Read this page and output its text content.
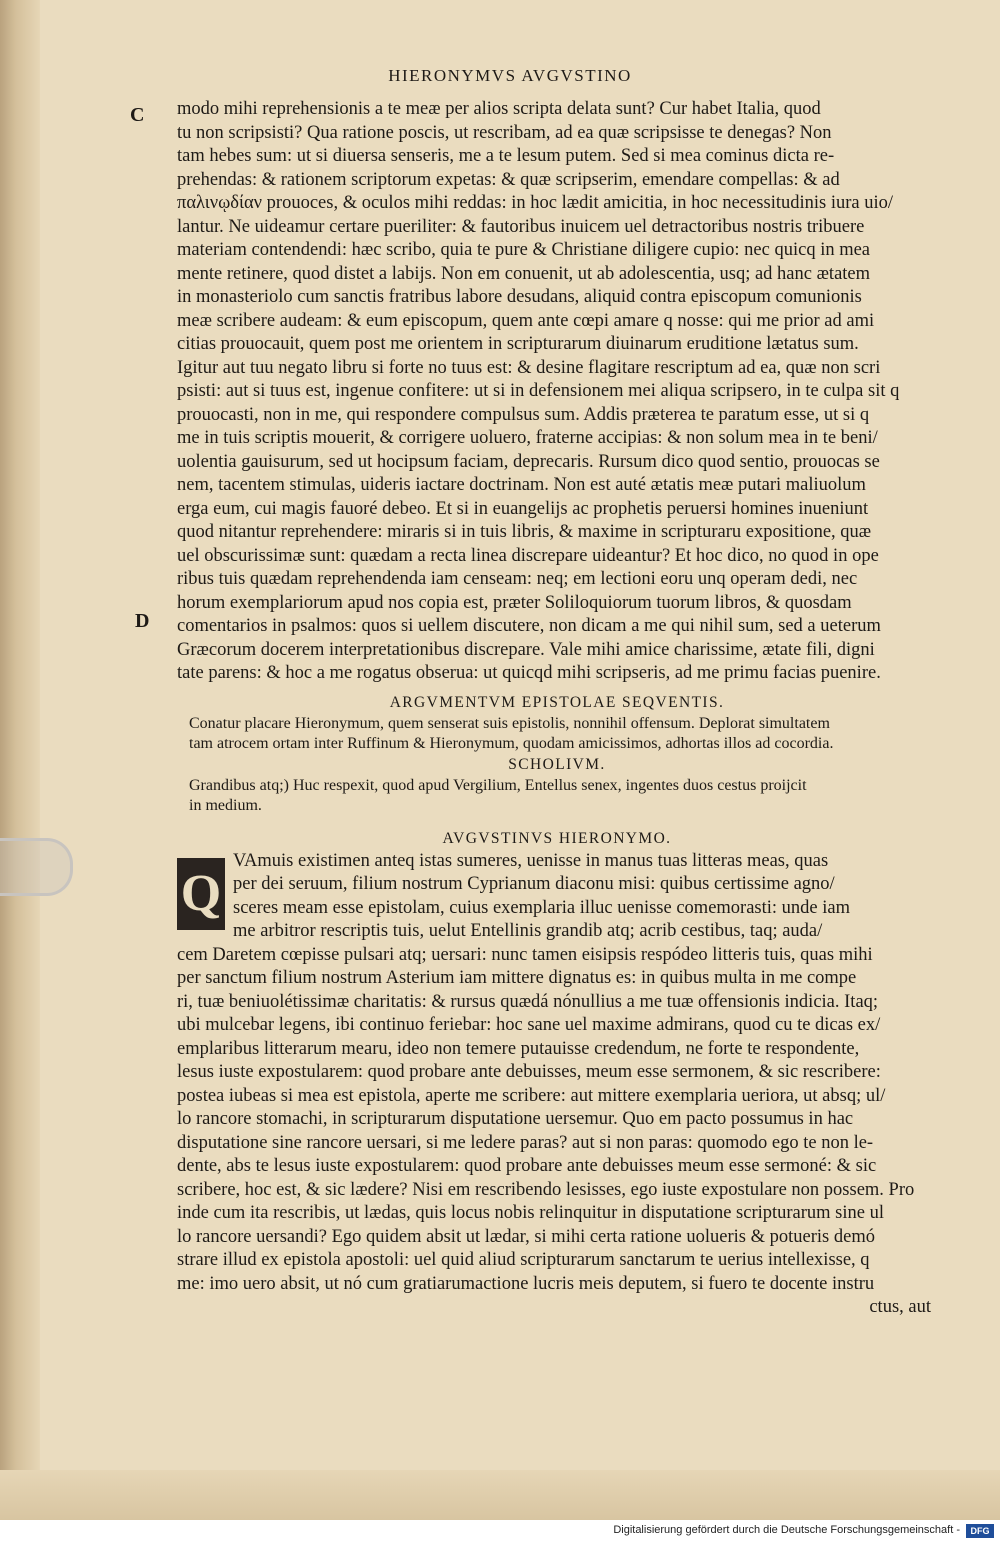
HIERONYMVS AVGVSTINO
C
D
modo mihi reprehensionis a te meæ per alios scripta delata sunt? Cur habet Italia, quod
tu non scripsisti? Qua ratione poscis, ut rescribam, ad ea quæ scripsisse te denegas? Non
tam hebes sum: ut si diuersa senseris, me a te lesum putem. Sed si mea cominus dicta re-
prehendas: & rationem scriptorum expetas: & quæ scripserim, emendare compellas: & ad
παλινῳδίαν prouoces, & oculos mihi reddas: in hoc lædit amicitia, in hoc necessitudinis iura uio/
lantur. Ne uideamur certare pueriliter: & fautoribus inuicem uel detractoribus nostris tribuere
materiam contendendi: hæc scribo, quia te pure & Christiane diligere cupio: nec quicq in mea
mente retinere, quod distet a labijs. Non em conuenit, ut ab adolescentia, usq; ad hanc ætatem
in monasteriolo cum sanctis fratribus labore desudans, aliquid contra episcopum comunionis
meæ scribere audeam: & eum episcopum, quem ante cœpi amare q nosse: qui me prior ad ami
citias prouocauit, quem post me orientem in scripturarum diuinarum eruditione lætatus sum.
Igitur aut tuu negato libru si forte no tuus est: & desine flagitare rescriptum ad ea, quæ non scri
psisti: aut si tuus est, ingenue confitere: ut si in defensionem mei aliqua scripsero, in te culpa sit q
prouocasti, non in me, qui respondere compulsus sum. Addis præterea te paratum esse, ut si q
me in tuis scriptis mouerit, & corrigere uoluero, fraterne accipias: & non solum mea in te beni/
uolentia gauisurum, sed ut hocipsum faciam, deprecaris. Rursum dico quod sentio, prouocas se
nem, tacentem stimulas, uideris iactare doctrinam. Non est auté ætatis meæ putari maliuolum
erga eum, cui magis fauoré debeo. Et si in euangelijs ac prophetis peruersi homines inueniunt
quod nitantur reprehendere: miraris si in tuis libris, & maxime in scripturaru expositione, quæ
uel obscurissimæ sunt: quædam a recta linea discrepare uideantur? Et hoc dico, no quod in ope
ribus tuis quædam reprehendenda iam censeam: neq; em lectioni eoru unq operam dedi, nec
horum exemplariorum apud nos copia est, præter Soliloquiorum tuorum libros, & quosdam
comentarios in psalmos: quos si uellem discutere, non dicam a me qui nihil sum, sed a ueterum
Græcorum docerem interpretationibus discrepare. Vale mihi amice charissime, ætate fili, digni
tate parens: & hoc a me rogatus obserua: ut quicqd mihi scripseris, ad me primu facias puenire.
ARGVMENTVM EPISTOLAE SEQVENTIS.
Conatur placare Hieronymum, quem senserat suis epistolis, nonnihil offensum. Deplorat simultatem
tam atrocem ortam inter Ruffinum & Hieronymum, quodam amicissimos, adhortas illos ad cocordia.
SCHOLIVM.
Grandibus atq;) Huc respexit, quod apud Vergilium, Entellus senex, ingentes duos cestus proijcit
in medium.
AVGVSTINVS HIERONYMO.
VAmuis existimen anteq istas sumeres, uenisse in manus tuas litteras meas, quas
per dei seruum, filium nostrum Cyprianum diaconu misi: quibus certissime agno/
sceres meam esse epistolam, cuius exemplaria illuc uenisse comemorasti: unde iam
me arbitror rescriptis tuis, uelut Entellinis grandib atq; acrib cestibus, taq; auda/
cem Daretem cœpisse pulsari atq; uersari: nunc tamen eisipsis respódeo litteris tuis, quas mihi
per sanctum filium nostrum Asterium iam mittere dignatus es: in quibus multa in me compe
ri, tuæ beniuolétissimæ charitatis: & rursus quædá nónullius a me tuæ offensionis indicia. Itaq;
ubi mulcebar legens, ibi continuo feriebar: hoc sane uel maxime admirans, quod cu te dicas ex/
emplaribus litterarum mearu, ideo non temere putauisse credendum, ne forte te respondente,
lesus iuste expostularem: quod probare ante debuisses, meum esse sermonem, & sic rescribere:
postea iubeas si mea est epistola, aperte me scribere: aut mittere exemplaria ueriora, ut absq; ul/
lo rancore stomachi, in scripturarum disputatione uersemur. Quo em pacto possumus in hac
disputatione sine rancore uersari, si me ledere paras? aut si non paras: quomodo ego te non le-
dente, abs te lesus iuste expostularem: quod probare ante debuisses meum esse sermoné: & sic
scribere, hoc est, & sic lædere? Nisi em rescribendo lesisses, ego iuste expostulare non possem. Pro
inde cum ita rescribis, ut lædas, quis locus nobis relinquitur in disputatione scripturarum sine ul
lo rancore uersandi? Ego quidem absit ut lædar, si mihi certa ratione uolueris & potueris demó
strare illud ex epistola apostoli: uel quid aliud scripturarum sanctarum te uerius intellexisse, q
me: imo uero absit, ut nó cum gratiarumactione lucris meis deputem, si fuero te docente instru
ctus, aut
Q
Digitalisierung gefördert durch die Deutsche Forschungsgemeinschaft -	DFG
